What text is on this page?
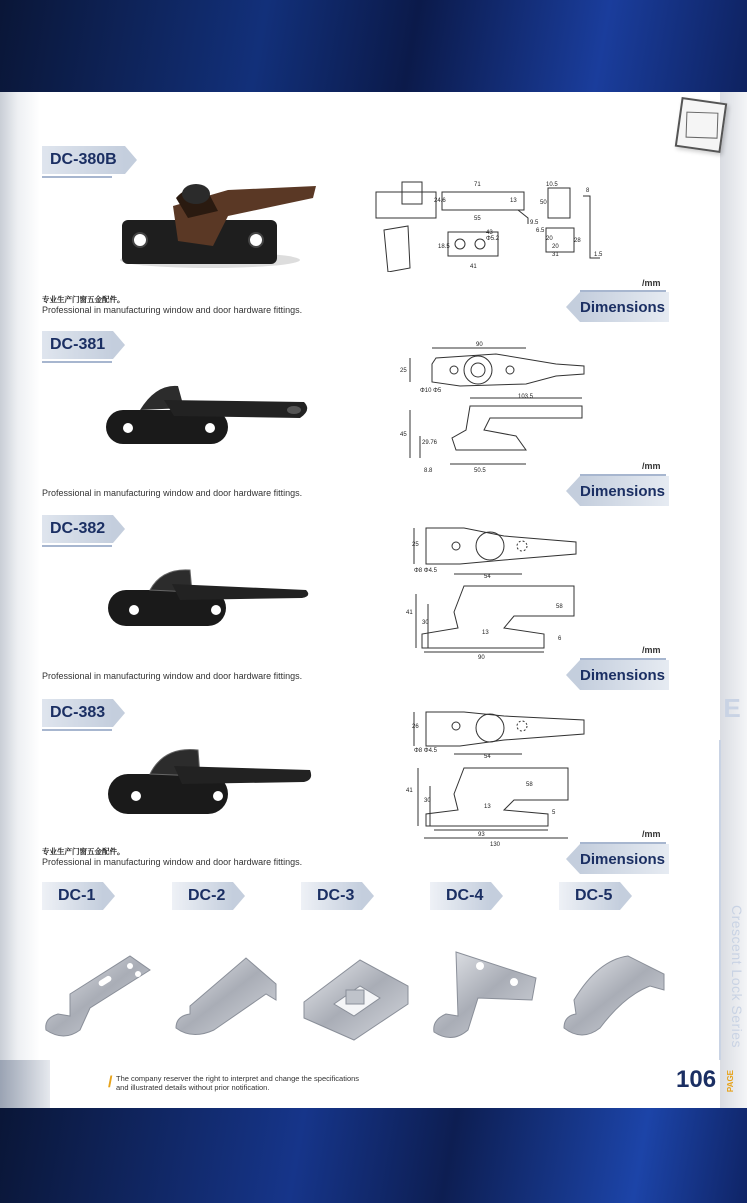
DC-380B
71	10.5
24.6	13
55
8
20
50
9.5
43
18.5
Φ5.2
41
20
31
28
1.5
6.5
/mm
专业生产门窗五金配件。
Professional in manufacturing window and door hardware fittings.	Dimensions
DC-381	90
25
Φ10 Φ5
103.5
45
29.76
50.5
8.8	/mm
Professional in manufacturing window and door hardware fittings.	Dimensions
DC-382
25
Φ8 Φ4.5
54
58
41
30
13
6
90
/mm
Professional in manufacturing window and door hardware fittings.	Dimensions
DC-383
26
Φ8 Φ4.5
54
58
41
30
13
5
93
130
/mm
专业生产门窗五金配件。
Professional in manufacturing window and door hardware fittings.	Dimensions
DC-1	DC-2	DC-3	DC-4	DC-5
E
Crescent Lock Series
/ The company reserver the right to interpret and change the specifications
and illustrated details without prior notification.	106 PAGE
